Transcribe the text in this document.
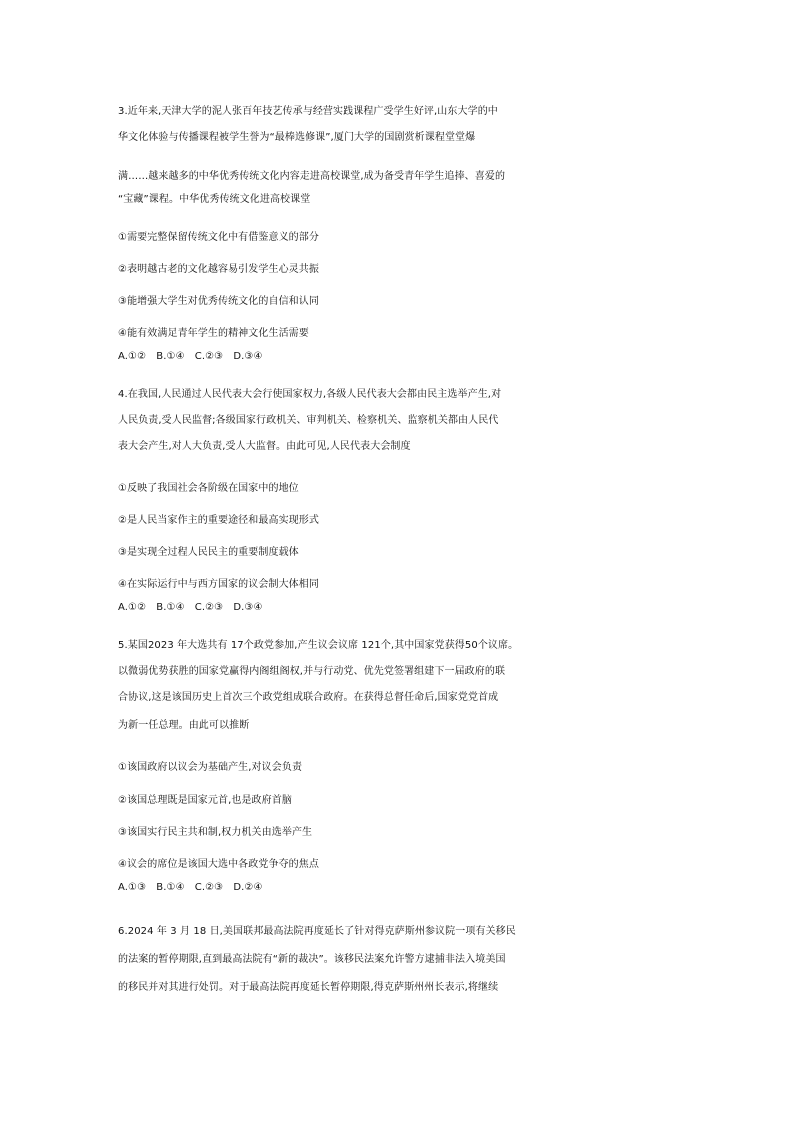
3.近年来,天津大学的泥人张百年技艺传承与经营实践课程广受学生好评,山东大学的中
华文化体验与传播课程被学生誉为“最棒选修课”,厦门大学的国剧赏析课程堂堂爆
满……越来越多的中华优秀传统文化内容走进高校课堂,成为备受青年学生追捧、喜爱的
“宝藏”课程。中华优秀传统文化进高校课堂
①需要完整保留传统文化中有借鉴意义的部分
②表明越古老的文化越容易引发学生心灵共振
③能增强大学生对优秀传统文化的自信和认同
④能有效满足青年学生的精神文化生活需要
A.①②　B.①④　C.②③　D.③④
4.在我国,人民通过人民代表大会行使国家权力,各级人民代表大会都由民主选举产生,对
人民负责,受人民监督;各级国家行政机关、审判机关、检察机关、监察机关都由人民代
表大会产生,对人大负责,受人大监督。由此可见,人民代表大会制度
①反映了我国社会各阶级在国家中的地位
②是人民当家作主的重要途径和最高实现形式
③是实现全过程人民民主的重要制度载体
④在实际运行中与西方国家的议会制大体相同
A.①②　B.①④　C.②③　D.③④
5.某国2023 年大选共有 17个政党参加,产生议会议席 121个,其中国家党获得50个议席。
以微弱优势获胜的国家党赢得内阁组阁权,并与行动党、优先党签署组建下一届政府的联
合协议,这是该国历史上首次三个政党组成联合政府。在获得总督任命后,国家党党首成
为新一任总理。由此可以推断
①该国政府以议会为基础产生,对议会负责
②该国总理既是国家元首,也是政府首脑
③该国实行民主共和制,权力机关由选举产生
④议会的席位是该国大选中各政党争夺的焦点
A.①③　B.①④　C.②③　D.②④
6.2024 年 3 月 18 日,美国联邦最高法院再度延长了针对得克萨斯州参议院一项有关移民
的法案的暂停期限,直到最高法院有“新的裁决”。该移民法案允许警方逮捕非法入境美国
的移民并对其进行处罚。对于最高法院再度延长暂停期限,得克萨斯州州长表示,将继续
